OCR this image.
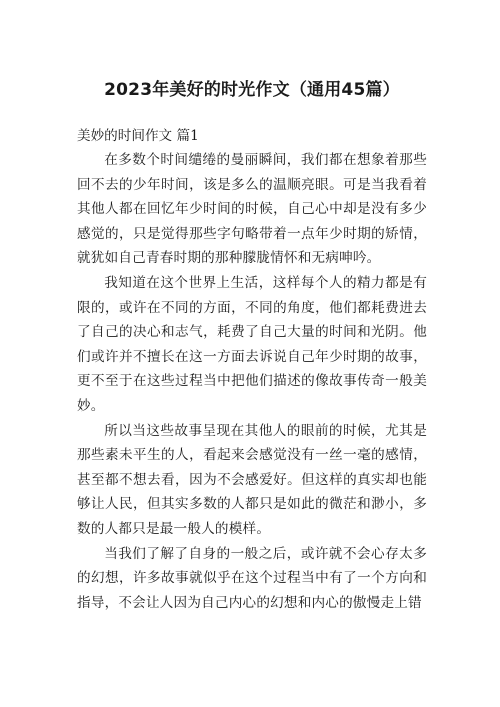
2023年美好的时光作文（通用45篇）
美妙的时间作文 篇1

在多数个时间缱绻的曼丽瞬间，我们都在想象着那些回不去的少年时间，该是多么的温顺亮眼。可是当我看着其他人都在回忆年少时间的时候，自己心中却是没有多少感觉的，只是觉得那些字句略带着一点年少时期的矫情，就犹如自己青春时期的那种朦胧情怀和无病呻吟。

我知道在这个世界上生活，这样每个人的精力都是有限的，或许在不同的方面，不同的角度，他们都耗费进去了自己的决心和志气，耗费了自己大量的时间和光阴。他们或许并不擅长在这一方面去诉说自己年少时期的故事，更不至于在这些过程当中把他们描述的像故事传奇一般美妙。

所以当这些故事呈现在其他人的眼前的时候，尤其是那些素未平生的人，看起来会感觉没有一丝一毫的感情，甚至都不想去看，因为不会感爱好。但这样的真实却也能够让人民，但其实多数的人都只是如此的微茫和渺小，多数的人都只是最一般人的模样。

当我们了解了自身的一般之后，或许就不会心存太多的幻想，许多故事就似乎在这个过程当中有了一个方向和指导，不会让人因为自己内心的幻想和内心的傲慢走上错
